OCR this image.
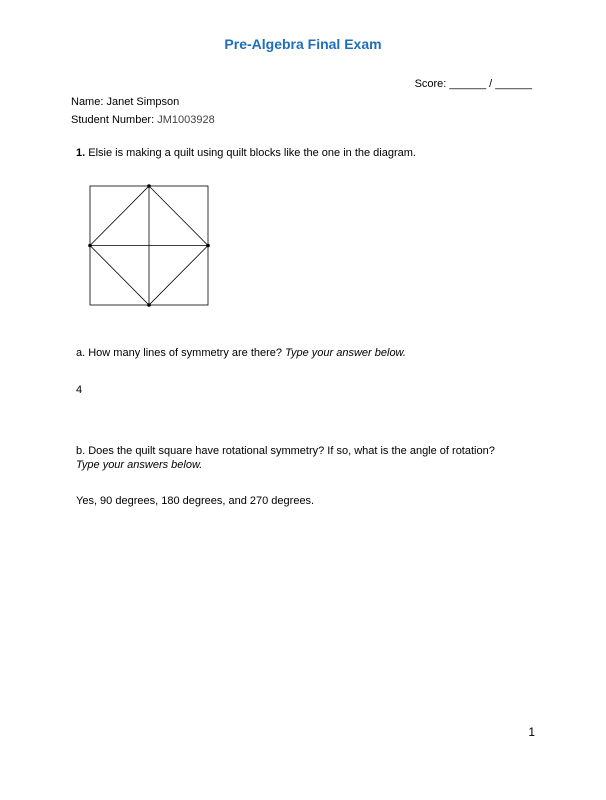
Pre-Algebra Final Exam
Score: ______ / ______
Name: Janet Simpson
Student Number: JM1003928
1. Elsie is making a quilt using quilt blocks like the one in the diagram.
a. How many lines of symmetry are there? Type your answer below.
4
b. Does the quilt square have rotational symmetry? If so, what is the angle of rotation? Type your answers below.
Yes, 90 degrees, 180 degrees, and 270 degrees.
1
